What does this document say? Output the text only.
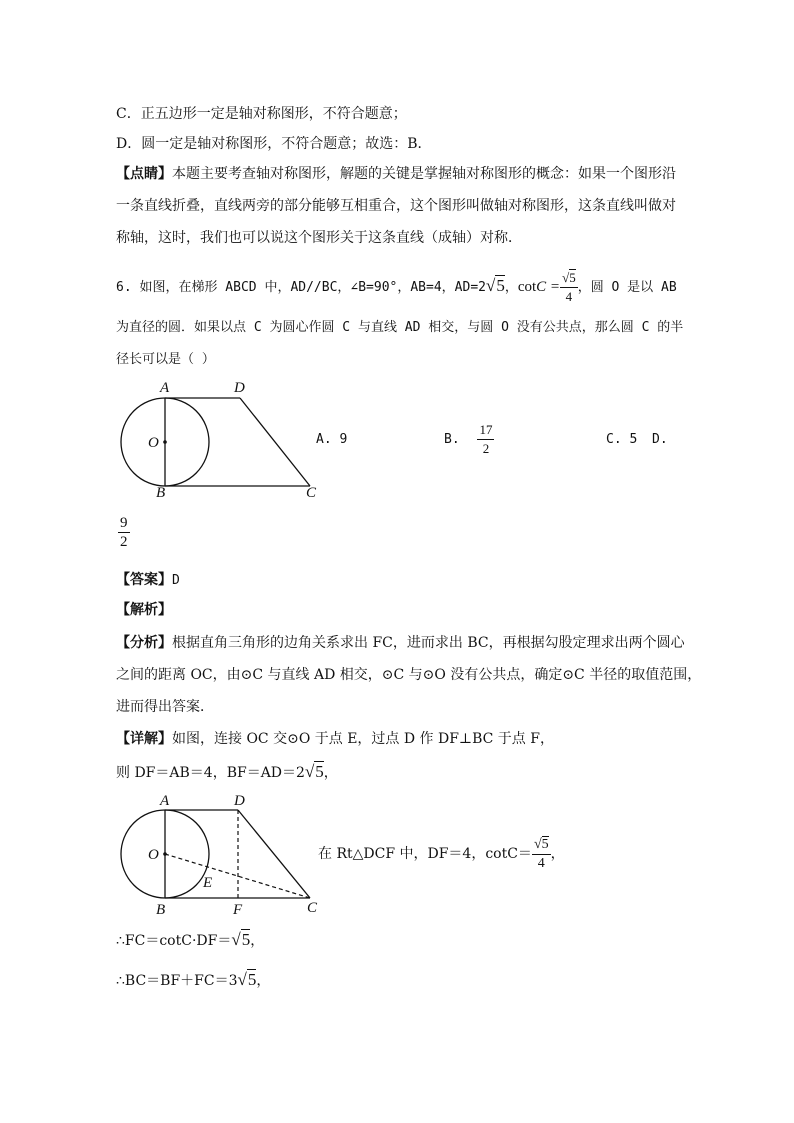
C．正五边形一定是轴对称图形，不符合题意；
D．圆一定是轴对称图形，不符合题意；故选：B．
【点睛】本题主要考查轴对称图形，解题的关键是掌握轴对称图形的概念：如果一个图形沿
一条直线折叠，直线两旁的部分能够互相重合，这个图形叫做轴对称图形，这条直线叫做对
称轴，这时，我们也可以说这个图形关于这条直线（成轴）对称．
6. 如图，在梯形 ABCD 中，AD//BC，∠B=90°，AB=4，AD=2√5，$\cot C = \frac{√5}{4}$ ，圆 O 是以 AB
为直径的圆．如果以点 C 为圆心作圆 C 与直线 AD 相交，与圆 O 没有公共点，那么圆 C 的半
径长可以是（ ）
A	D
O
B	C
A. 9	B. $\frac{17}{2}$	C. 5 D.
$\frac{9}{2}$
【答案】D
【解析】
【分析】根据直角三角形的边角关系求出 FC，进而求出 BC，再根据勾股定理求出两个圆心
之间的距离 OC，由⊙C 与直线 AD 相交，⊙C 与⊙O 没有公共点，确定⊙C 半径的取值范围，
进而得出答案．
【详解】如图，连接 OC 交⊙O 于点 E，过点 D 作 DF⊥BC 于点 F，
则 DF＝AB＝4，BF＝AD＝2√5，
A	D
O
E
B	F	C
在 Rt△DCF 中，DF＝4，$\cot C= \frac{√5}{4}$ ，
∴FC＝cotC·DF＝√5，
∴BC＝BF＋FC＝3√5，
